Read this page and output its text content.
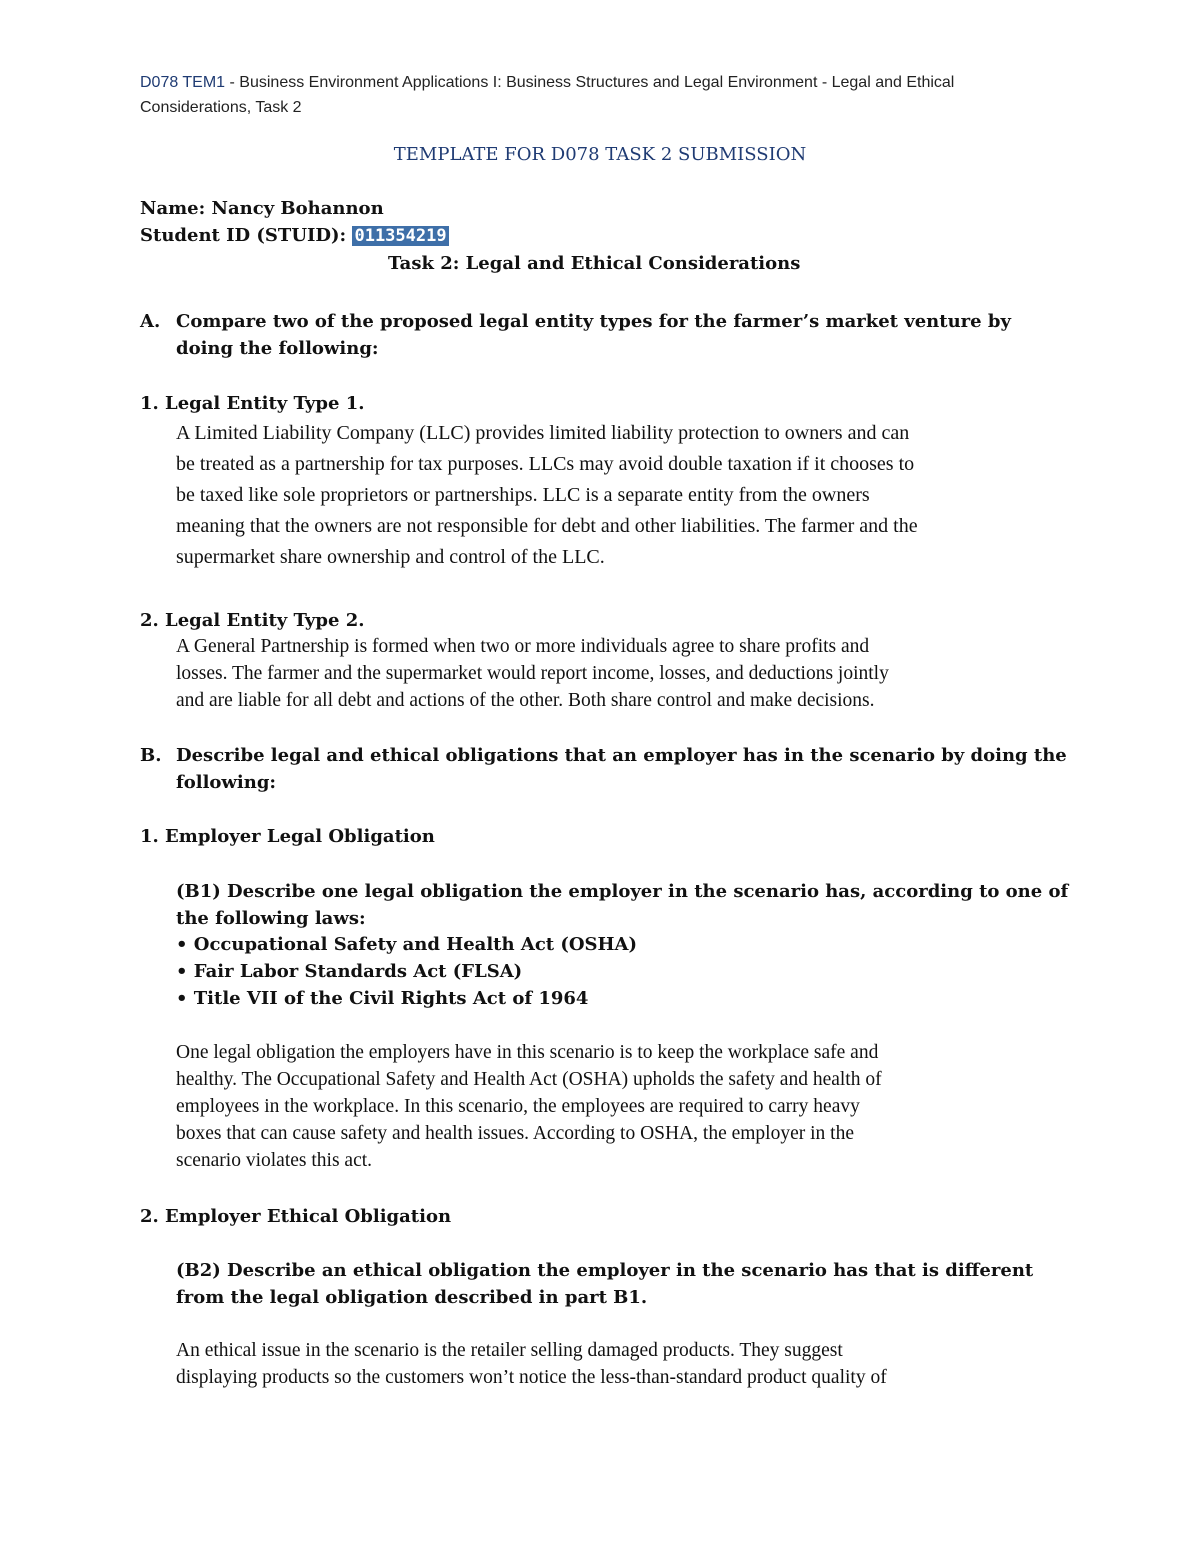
D078 TEM1 - Business Environment Applications I: Business Structures and Legal Environment - Legal and Ethical

Considerations, Task 2

TEMPLATE FOR D078 TASK 2 SUBMISSION

Name: Nancy Bohannon

Student ID (STUID): 011354219

Task 2: Legal and Ethical Considerations

A. Compare two of the proposed legal entity types for the farmer’s market venture by

doing the following:

1. Legal Entity Type 1.

A Limited Liability Company (LLC) provides limited liability protection to owners and can

be treated as a partnership for tax purposes. LLCs may avoid double taxation if it chooses to

be taxed like sole proprietors or partnerships. LLC is a separate entity from the owners

meaning that the owners are not responsible for debt and other liabilities. The farmer and the

supermarket share ownership and control of the LLC.

2. Legal Entity Type 2.

A General Partnership is formed when two or more individuals agree to share profits and

losses. The farmer and the supermarket would report income, losses, and deductions jointly

and are liable for all debt and actions of the other. Both share control and make decisions.

B. Describe legal and ethical obligations that an employer has in the scenario by doing the

following:

1. Employer Legal Obligation

(B1) Describe one legal obligation the employer in the scenario has, according to one of

the following laws:

• Occupational Safety and Health Act (OSHA)

• Fair Labor Standards Act (FLSA)

• Title VII of the Civil Rights Act of 1964

One legal obligation the employers have in this scenario is to keep the workplace safe and

healthy. The Occupational Safety and Health Act (OSHA) upholds the safety and health of

employees in the workplace. In this scenario, the employees are required to carry heavy

boxes that can cause safety and health issues. According to OSHA, the employer in the

scenario violates this act.

2. Employer Ethical Obligation

(B2) Describe an ethical obligation the employer in the scenario has that is different

from the legal obligation described in part B1.

An ethical issue in the scenario is the retailer selling damaged products. They suggest

displaying products so the customers won’t notice the less-than-standard product quality of
